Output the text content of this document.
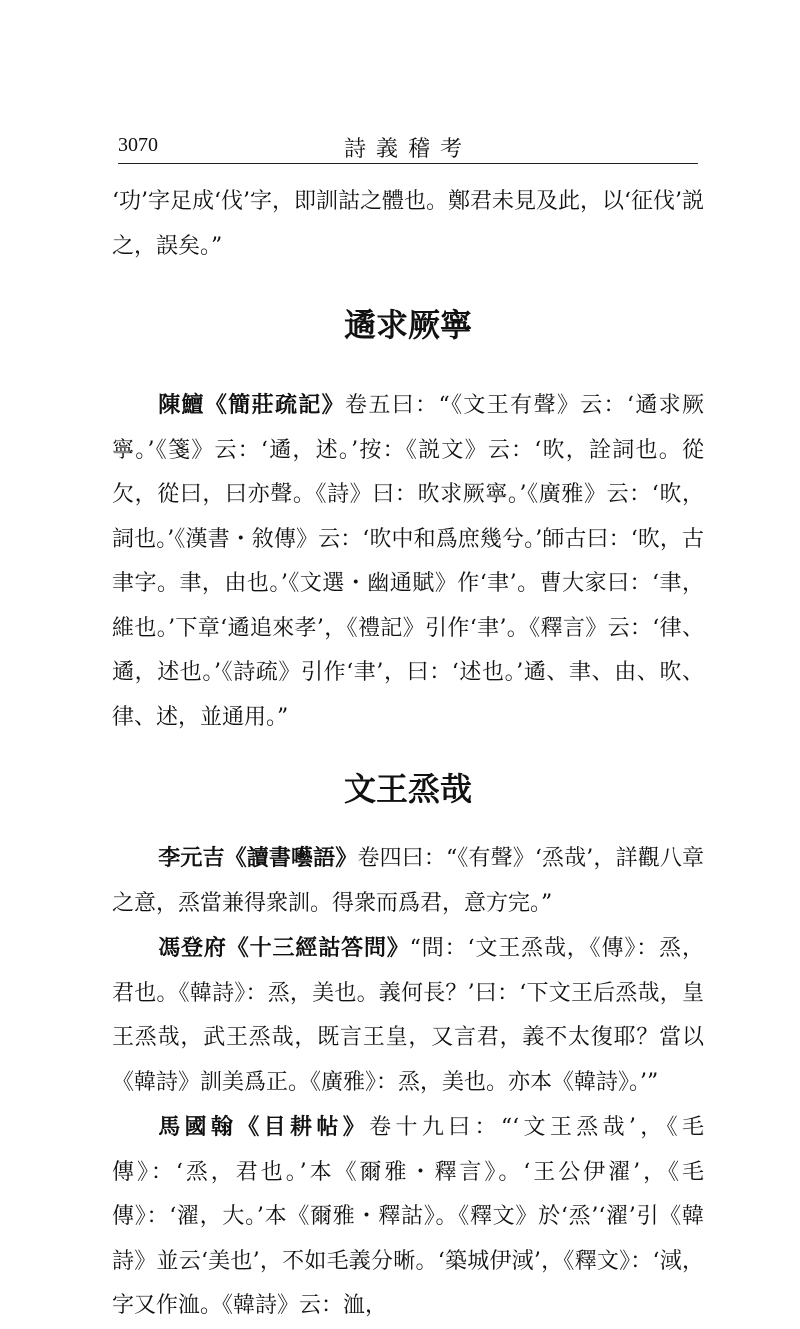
3070	詩義稽考

‘功’字足成‘伐’字，即訓詁之體也。鄭君未見及此，以‘征伐’説之，誤矣。”

遹求厥寧

陳鱣《簡莊疏記》卷五曰：“《文王有聲》云：‘遹求厥寧。’《箋》云：‘遹，述。’按：《説文》云：‘欥，詮詞也。從欠，從曰，曰亦聲。《詩》曰：欥求厥寧。’《廣雅》云：‘欥，詞也。’《漢書・敘傳》云：‘欥中和爲庶幾兮。’師古曰：‘欥，古聿字。聿，由也。’《文選・幽通賦》作‘聿’。曹大家曰：‘聿，維也。’下章‘遹追來孝’，《禮記》引作‘聿’。《釋言》云：‘律、遹，述也。’《詩疏》引作‘聿’，曰：‘述也。’遹、聿、由、欥、律、述，並通用。”

文王烝哉

李元吉《讀書囈語》卷四曰：“《有聲》‘烝哉’，詳觀八章之意，烝當兼得衆訓。得衆而爲君，意方完。”

馮登府《十三經詁答問》“問：‘文王烝哉，《傳》：烝，君也。《韓詩》：烝，美也。義何長？’曰：‘下文王后烝哉，皇王烝哉，武王烝哉，既言王皇，又言君，義不太復耶？當以《韓詩》訓美爲正。《廣雅》：烝，美也。亦本《韓詩》。’”

馬國翰《目耕帖》卷十九曰：“‘文王烝哉’，《毛傳》：‘烝，君也。’本《爾雅・釋言》。‘王公伊濯’，《毛傳》：‘濯，大。’本《爾雅・釋詁》。《釋文》於‘烝’‘濯’引《韓詩》並云‘美也’，不如毛義分晰。‘築城伊淢’，《釋文》：‘淢，字又作洫。《韓詩》云：洫，
